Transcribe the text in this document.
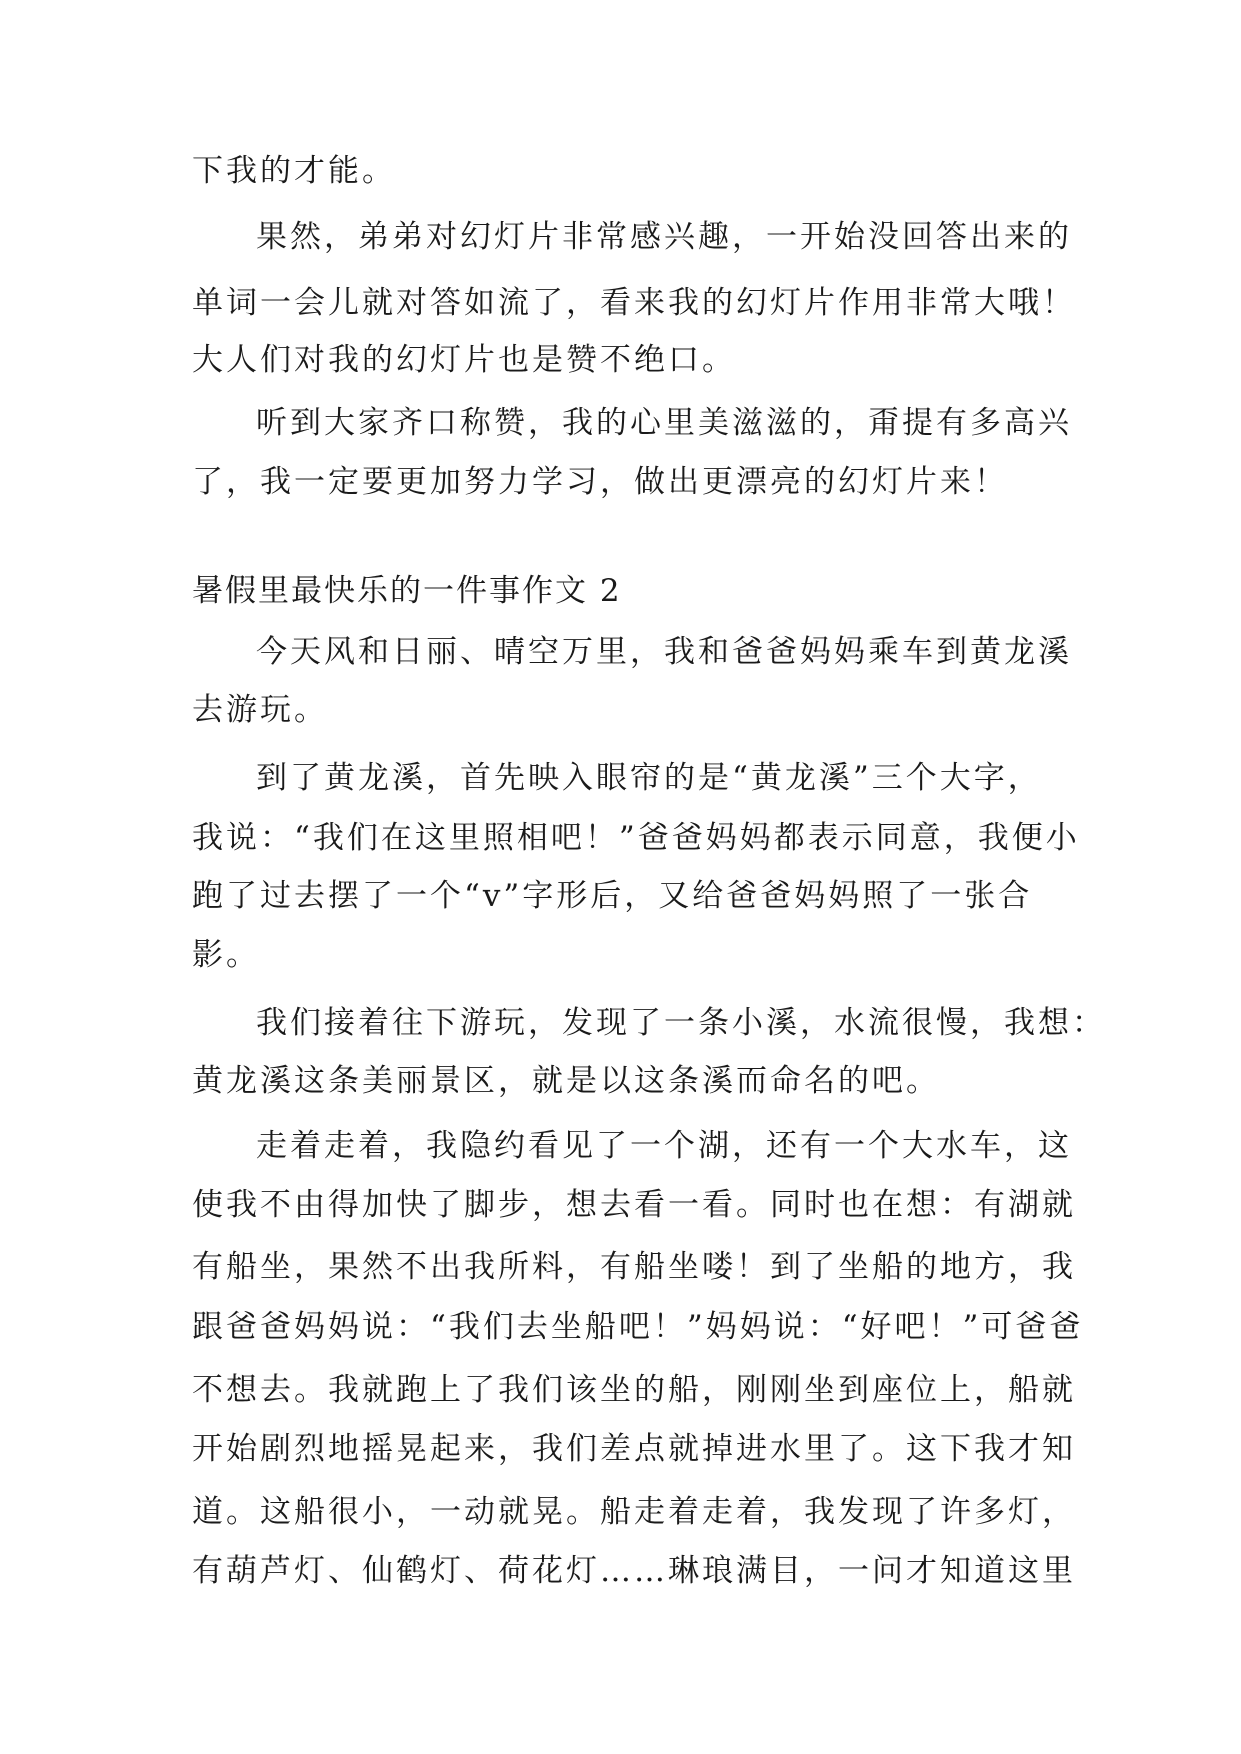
下我的才能。
果然，弟弟对幻灯片非常感兴趣，一开始没回答出来的
单词一会儿就对答如流了，看来我的幻灯片作用非常大哦！
大人们对我的幻灯片也是赞不绝口。
听到大家齐口称赞，我的心里美滋滋的，甭提有多高兴
了，我一定要更加努力学习，做出更漂亮的幻灯片来！
暑假里最快乐的一件事作文 2
今天风和日丽、晴空万里，我和爸爸妈妈乘车到黄龙溪
去游玩。
到了黄龙溪，首先映入眼帘的是“黄龙溪”三个大字，
我说：“我们在这里照相吧！”爸爸妈妈都表示同意，我便小
跑了过去摆了一个“v”字形后，又给爸爸妈妈照了一张合
影。
我们接着往下游玩，发现了一条小溪，水流很慢，我想：
黄龙溪这条美丽景区，就是以这条溪而命名的吧。
走着走着，我隐约看见了一个湖，还有一个大水车，这
使我不由得加快了脚步，想去看一看。同时也在想：有湖就
有船坐，果然不出我所料，有船坐喽！到了坐船的地方，我
跟爸爸妈妈说：“我们去坐船吧！”妈妈说：“好吧！”可爸爸
不想去。我就跑上了我们该坐的船，刚刚坐到座位上，船就
开始剧烈地摇晃起来，我们差点就掉进水里了。这下我才知
道。这船很小，一动就晃。船走着走着，我发现了许多灯，
有葫芦灯、仙鹤灯、荷花灯……琳琅满目，一问才知道这里
